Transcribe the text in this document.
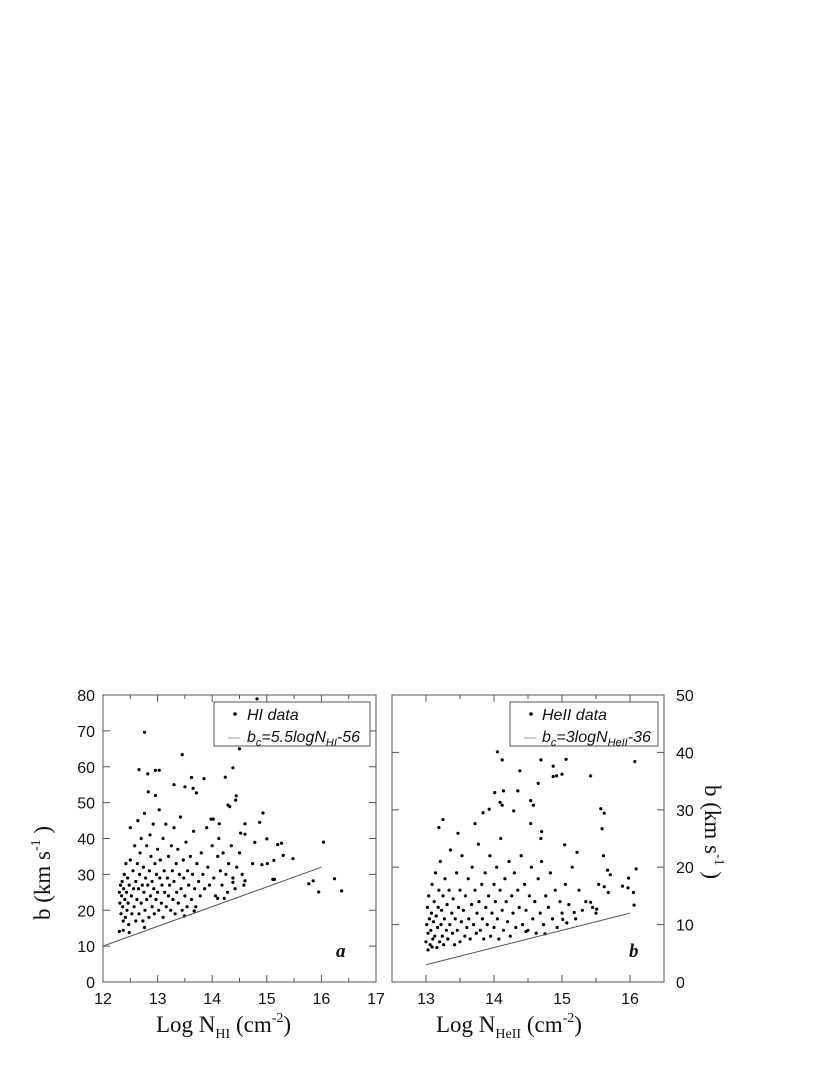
12 13 14 15 16 17
0
10
20
30
40
50
60
70
80
HI data
$b_c=5.5\log N_{HI}-56$
a
Log $N_{HI}$ $(cm^{-2})$
b (km $s^{-1}$ )
13	14	15	16
0
10
20
30
40
50
HeII data
$b_c=3\log N_{HeII}-36$
b
Log $N_{HeII}$ $(cm^{-2})$
b (km $s^{-1}$ )
